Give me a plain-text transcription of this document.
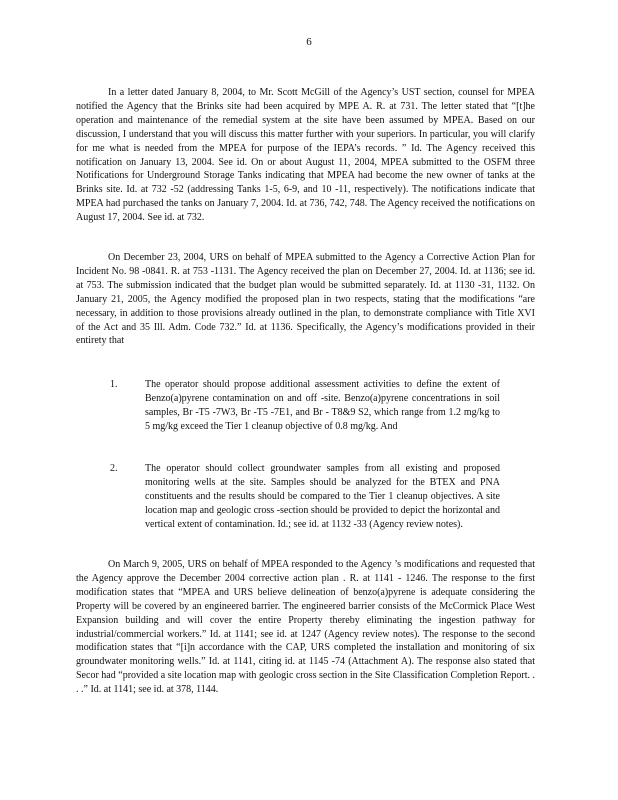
6

In a letter dated January 8, 2004, to Mr. Scott McGill of the Agency’s UST section, counsel for MPEA notified the Agency that the Brinks site had been acquired by MPE A. R. at 731. The letter stated that “[t]he operation and maintenance of the remedial system at the site have been assumed by MPEA. Based on our discussion, I understand that you will discuss this matter further with your superiors. In particular, you will clarify for me what is needed from the MPEA for purpose of the IEPA’s records. ” Id. The Agency received this notification on January 13, 2004. See id. On or about August 11, 2004, MPEA submitted to the OSFM three Notifications for Underground Storage Tanks indicating that MPEA had become the new owner of tanks at the Brinks site. Id. at 732 -52 (addressing Tanks 1-5, 6-9, and 10 -11, respectively). The notifications indicate that MPEA had purchased the tanks on January 7, 2004. Id. at 736, 742, 748. The Agency received the notifications on August 17, 2004. See id. at 732.

On December 23, 2004, URS on behalf of MPEA submitted to the Agency a Corrective Action Plan for Incident No. 98 -0841. R. at 753 -1131. The Agency received the plan on December 27, 2004. Id. at 1136; see id. at 753. The submission indicated that the budget plan would be submitted separately. Id. at 1130 -31, 1132. On January 21, 2005, the Agency modified the proposed plan in two respects, stating that the modifications “are necessary, in addition to those provisions already outlined in the plan, to demonstrate compliance with Title XVI of the Act and 35 Ill. Adm. Code 732.” Id. at 1136. Specifically, the Agency’s modifications provided in their entirety that

1.	The operator should propose additional assessment activities to define the extent of Benzo(a)pyrene contamination on and off -site. Benzo(a)pyrene concentrations in soil samples, Br -T5 -7W3, Br -T5 -7E1, and Br - T8&9 S2, which range from 1.2 mg/kg to 5 mg/kg exceed the Tier 1 cleanup objective of 0.8 mg/kg. And

2.	The operator should collect groundwater samples from all existing and proposed monitoring wells at the site. Samples should be analyzed for the BTEX and PNA constituents and the results should be compared to the Tier 1 cleanup objectives. A site location map and geologic cross -section should be provided to depict the horizontal and vertical extent of contamination. Id.; see id. at 1132 -33 (Agency review notes).

On March 9, 2005, URS on behalf of MPEA responded to the Agency ’s modifications and requested that the Agency approve the December 2004 corrective action plan . R. at 1141 - 1246. The response to the first modification states that “MPEA and URS believe delineation of benzo(a)pyrene is adequate considering the Property will be covered by an engineered barrier. The engineered barrier consists of the McCormick Place West Expansion building and will cover the entire Property thereby eliminating the ingestion pathway for industrial/commercial workers.” Id. at 1141; see id. at 1247 (Agency review notes). The response to the second modification states that “[i]n accordance with the CAP, URS completed the installation and monitoring of six groundwater monitoring wells.” Id. at 1141, citing id. at 1145 -74 (Attachment A). The response also stated that Secor had “provided a site location map with geologic cross section in the Site Classification Completion Report. . . .” Id. at 1141; see id. at 378, 1144.
